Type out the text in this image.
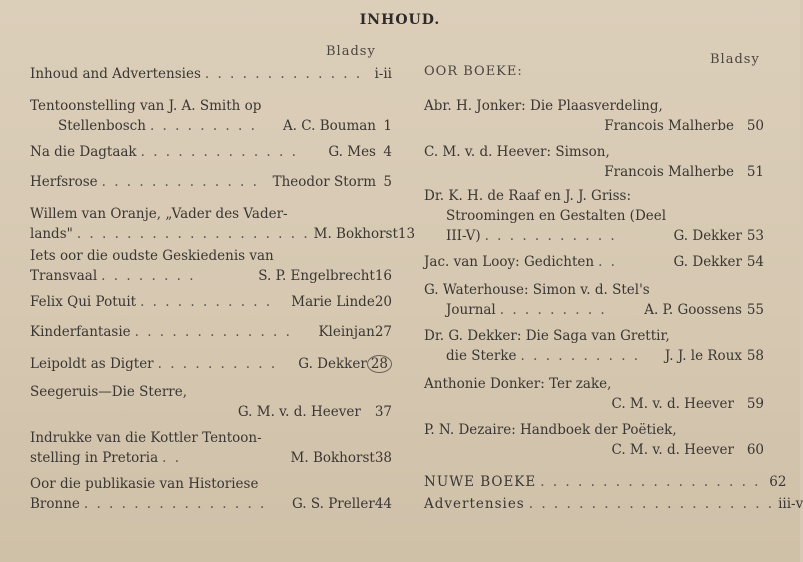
INHOUD.
Bladsy
Inhoud and Advertensies . . . . . . . . . . . . . i-ii
Tentoonstelling van J. A. Smith op
Stellenbosch . . . . . . . . .	A. C. Bouman 1
Na die Dagtaak . . . . . . . . . . . . .	G. Mes 4
Herfsrose . . . . . . . . . . . . .	Theodor Storm 5
Willem van Oranje, „Vader des Vader-
lands" . . . . . . . . . . . . . . . . . . . M. Bokhorst 13
Iets oor die oudste Geskiedenis van
Transvaal . . . . . . . .	S. P. Engelbrecht 16
Felix Qui Potuit . . . . . . . . . . .	Marie Linde 20
Kinderfantasie . . . . . . . . . . . . .	Kleinjan 27
Leipoldt as Digter . . . . . . . . . .	G. Dekker 28
Seegeruis—Die Sterre,
G. M. v. d. Heever 37
Indrukke van die Kottler Tentoon-
stelling in Pretoria . .	M. Bokhorst 38
Oor die publikasie van Historiese
Bronne . . . . . . . . . . . . . . .	G. S. Preller 44
Bladsy
OOR BOEKE:
Abr. H. Jonker: Die Plaasverdeling,
Francois Malherbe 50
C. M. v. d. Heever: Simson,
Francois Malherbe 51
Dr. K. H. de Raaf en J. J. Griss:
Stroomingen en Gestalten (Deel
III-V) . . . . . . . . . . .	G. Dekker 53
Jac. van Looy: Gedichten . .	G. Dekker 54
G. Waterhouse: Simon v. d. Stel's
Journal . . . . . . . . .	A. P. Goossens 55
Dr. G. Dekker: Die Saga van Grettir,
die Sterke . . . . . . . . . .	J. J. le Roux 58
Anthonie Donker: Ter zake,
C. M. v. d. Heever 59
P. N. Dezaire: Handboek der Poëtiek,
C. M. v. d. Heever 60
NUWE BOEKE . . . . . . . . . . . . . . . . . . 62
Advertensies . . . . . . . . . . . . . . . . . . . . iii-v
